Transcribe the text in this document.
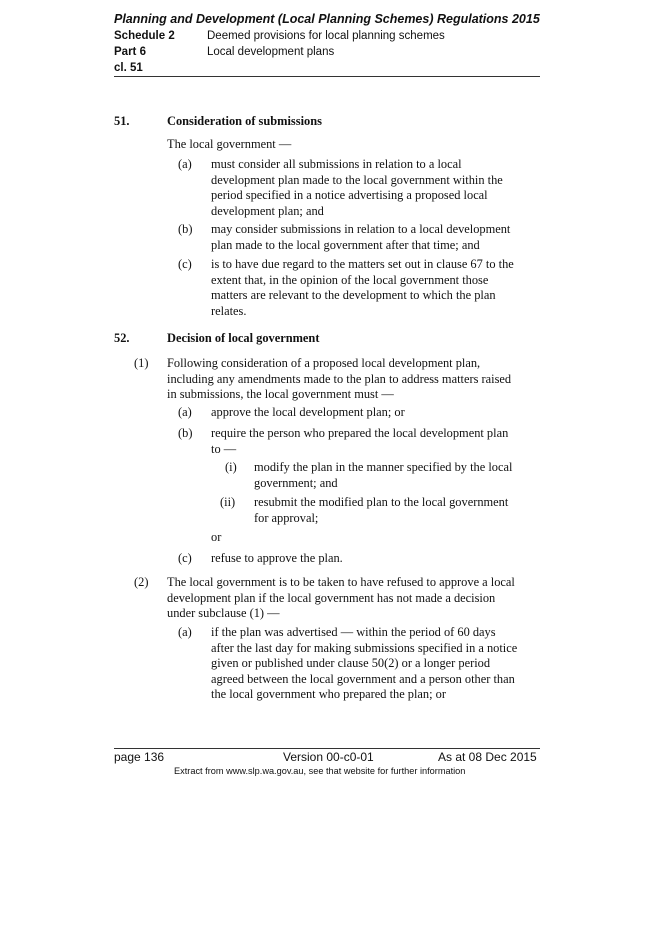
Planning and Development (Local Planning Schemes) Regulations 2015
Schedule 2	Deemed provisions for local planning schemes
Part 6	Local development plans
cl. 51
51.	Consideration of submissions
The local government —
(a) must consider all submissions in relation to a local
development plan made to the local government within the
period specified in a notice advertising a proposed local
development plan; and
(b) may consider submissions in relation to a local development
plan made to the local government after that time; and
(c) is to have due regard to the matters set out in clause 67 to the
extent that, in the opinion of the local government those
matters are relevant to the development to which the plan
relates.
52.	Decision of local government
(1) Following consideration of a proposed local development plan,
including any amendments made to the plan to address matters raised
in submissions, the local government must —
(a) approve the local development plan; or
(b) require the person who prepared the local development plan
to —
(i) modify the plan in the manner specified by the local
government; and
(ii) resubmit the modified plan to the local government
for approval;
or
(c) refuse to approve the plan.
(2) The local government is to be taken to have refused to approve a local
development plan if the local government has not made a decision
under subclause (1) —
(a) if the plan was advertised — within the period of 60 days
after the last day for making submissions specified in a notice
given or published under clause 50(2) or a longer period
agreed between the local government and a person other than
the local government who prepared the plan; or
page 136	Version 00-c0-01	As at 08 Dec 2015
Extract from www.slp.wa.gov.au, see that website for further information
